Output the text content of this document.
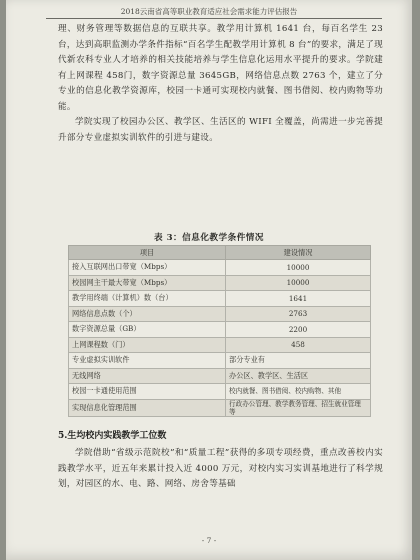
2018云南省高等职业教育适应社会需求能力评估报告

理、财务管理等数据信息的互联共享。教学用计算机 1641 台，每百名学生 23 台，达到高职监测办学条件指标“百名学生配教学用计算机 8 台”的要求，满足了现代新农科专业人才培养的相关技能培养与学生信息化运用水平提升的要求。学院建有上网课程 458门，数字资源总量 3645GB，网络信息点数 2763 个，建立了分专业的信息化教学资源库，校园一卡通可实现校内就餐、图书借阅、校内购物等功能。

学院实现了校园办公区、教学区、生活区的 WIFI 全覆盖，尚需进一步完善提升部分专业虚拟实训软件的引进与建设。

表 3：信息化教学条件情况
项目	建设情况
接入互联网出口带宽（Mbps）	10000
校园网主干最大带宽（Mbps）	10000
教学用终端（计算机）数（台）	1641
网络信息点数（个）	2763
数字资源总量（GB）	2200
上网课程数（门）	458
专业虚拟实训软件	部分专业有
无线网络	办公区、教学区、生活区
校园一卡通使用范围	校内就餐、图书借阅、校内购物、其他
实现信息化管理范围	行政办公管理、教学教务管理、招生就业管理等
5.生均校内实践教学工位数

学院借助“省级示范院校”和“质量工程”获得的多项专项经费，重点改善校内实践教学水平，近五年来累计投入近 4000 万元，对校内实习实训基地进行了科学规划，对园区的水、电、路、网络、房舍等基础

- 7 -
